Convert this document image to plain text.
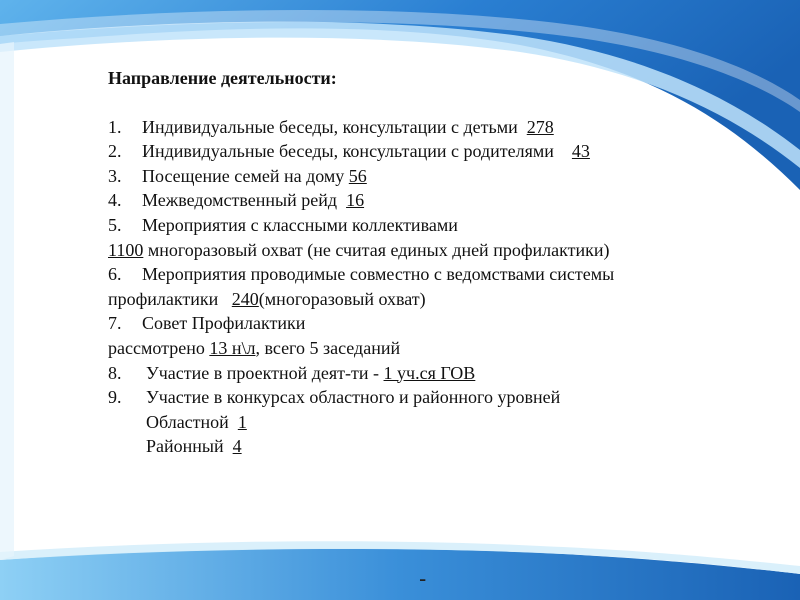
Направление деятельности:
1. Индивидуальные беседы, консультации с детьми 278
2. Индивидуальные беседы, консультации с родителями 43
3. Посещение семей на дому 56
4. Межведомственный рейд 16
5. Мероприятия с классными коллективами
1100 многоразовый охват (не считая единых дней профилактики)
6. Мероприятия проводимые совместно с ведомствами системы
профилактики 240(многоразовый охват)
7. Совет Профилактики
рассмотрено 13 н\л, всего 5 заседаний
8. Участие в проектной деят-ти - 1 уч.ся ГОВ
9. Участие в конкурсах областного и районного уровней
Областной 1
Районный 4
-
